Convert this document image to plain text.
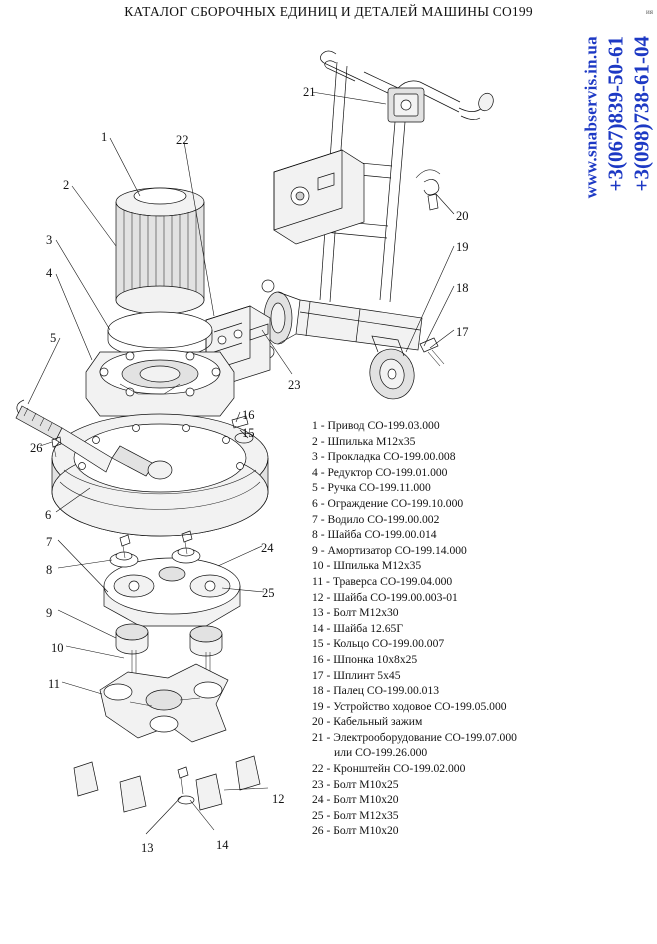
КАТАЛОГ СБОРОЧНЫХ ЕДИНИЦ И ДЕТАЛЕЙ МАШИНЫ СО199	ия
www.snabservis.in.ua +3(067)839-50-61 +3(098)738-61-04
1
2
3
4
5
6
7
8
9
10
11
12
13	14
15
16
17
18
19
20
21
22
23
24
25
26
1 - Привод СО-199.03.000
2 - Шпилька М12х35
3 - Прокладка СО-199.00.008
4 - Редуктор СО-199.01.000
5 - Ручка СО-199.11.000
6 - Ограждение СО-199.10.000
7 - Водило СО-199.00.002
8 - Шайба СО-199.00.014
9 - Амортизатор СО-199.14.000
10 - Шпилька М12х35
11 - Траверса СО-199.04.000
12 - Шайба СО-199.00.003-01
13 - Болт М12х30
14 - Шайба 12.65Г
15 - Кольцо СО-199.00.007
16 - Шпонка 10х8х25
17 - Шплинт 5х45
18 - Палец СО-199.00.013
19 - Устройство ходовое СО-199.05.000
20 - Кабельный зажим
21 - Электрооборудование СО-199.07.000
или СО-199.26.000
22 - Кронштейн СО-199.02.000
23 - Болт М10х25
24 - Болт М10х20
25 - Болт М12х35
26 - Болт М10х20
